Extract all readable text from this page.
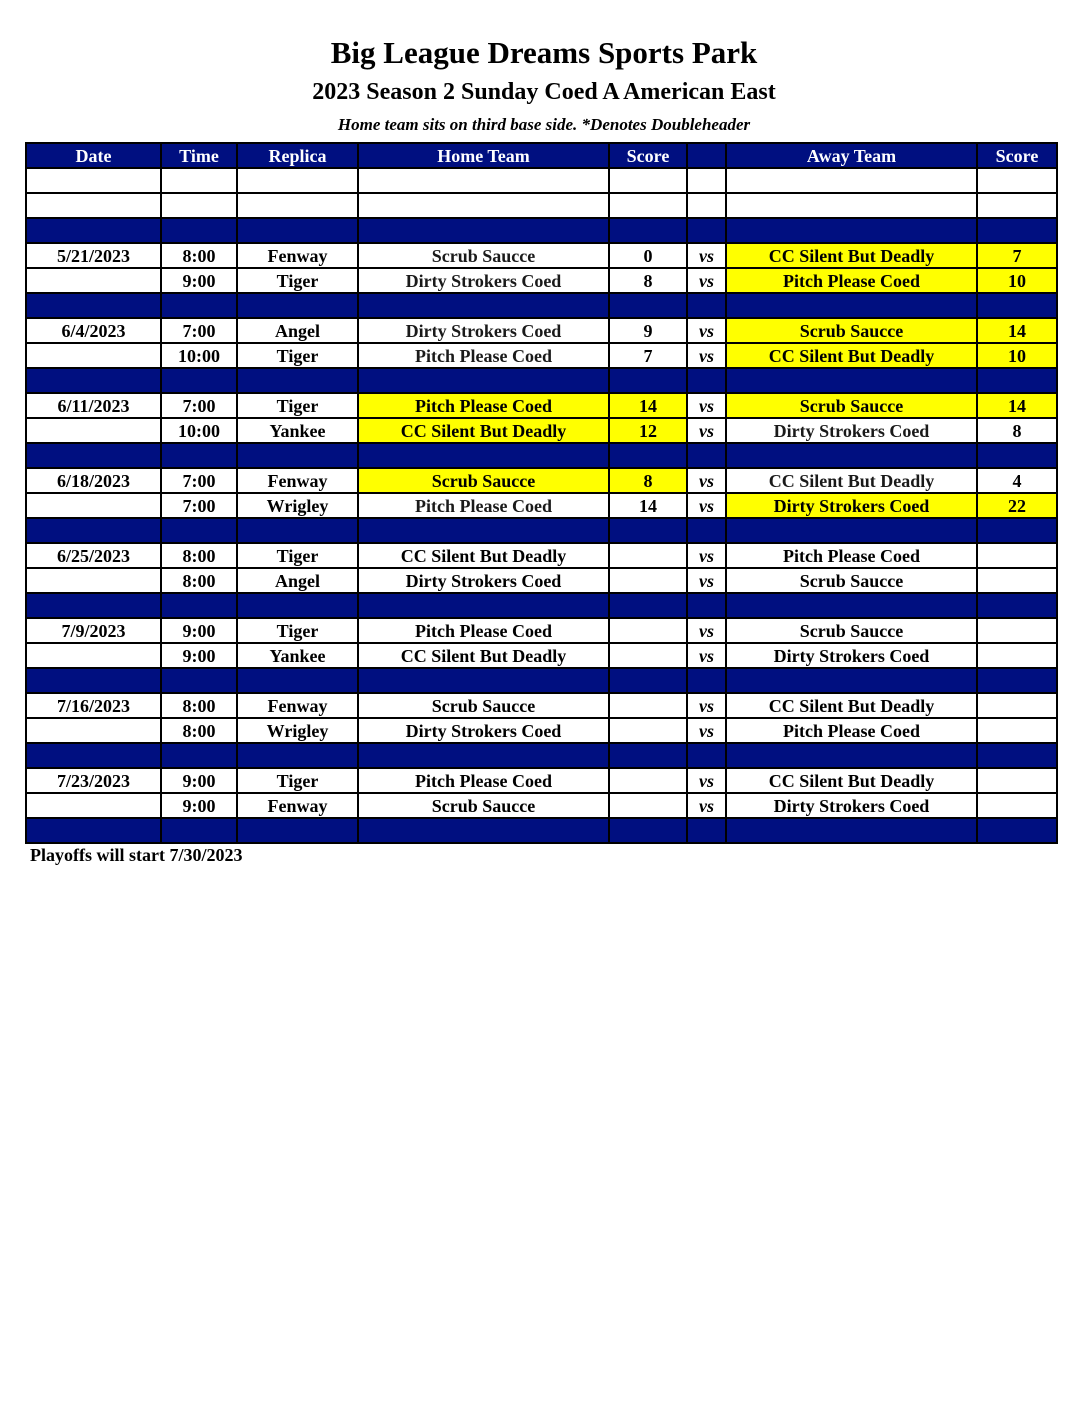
Big League Dreams Sports Park
2023 Season 2 Sunday Coed A American East
Home team sits on third base side. *Denotes Doubleheader
Date	Time	Replica	Home Team	Score		Away Team	Score

5/21/2023	8:00	Fenway	Scrub Saucce	0	vs	CC Silent But Deadly	7
	9:00	Tiger	Dirty Strokers Coed	8	vs	Pitch Please Coed	10

6/4/2023	7:00	Angel	Dirty Strokers Coed	9	vs	Scrub Saucce	14
	10:00	Tiger	Pitch Please Coed	7	vs	CC Silent But Deadly	10

6/11/2023	7:00	Tiger	Pitch Please Coed	14	vs	Scrub Saucce	14
	10:00	Yankee	CC Silent But Deadly	12	vs	Dirty Strokers Coed	8

6/18/2023	7:00	Fenway	Scrub Saucce	8	vs	CC Silent But Deadly	4
	7:00	Wrigley	Pitch Please Coed	14	vs	Dirty Strokers Coed	22

6/25/2023	8:00	Tiger	CC Silent But Deadly		vs	Pitch Please Coed	
	8:00	Angel	Dirty Strokers Coed		vs	Scrub Saucce	

7/9/2023	9:00	Tiger	Pitch Please Coed		vs	Scrub Saucce	
	9:00	Yankee	CC Silent But Deadly		vs	Dirty Strokers Coed	

7/16/2023	8:00	Fenway	Scrub Saucce		vs	CC Silent But Deadly	
	8:00	Wrigley	Dirty Strokers Coed		vs	Pitch Please Coed	

7/23/2023	9:00	Tiger	Pitch Please Coed		vs	CC Silent But Deadly	
	9:00	Fenway	Scrub Saucce		vs	Dirty Strokers Coed	

Playoffs will start 7/30/2023
